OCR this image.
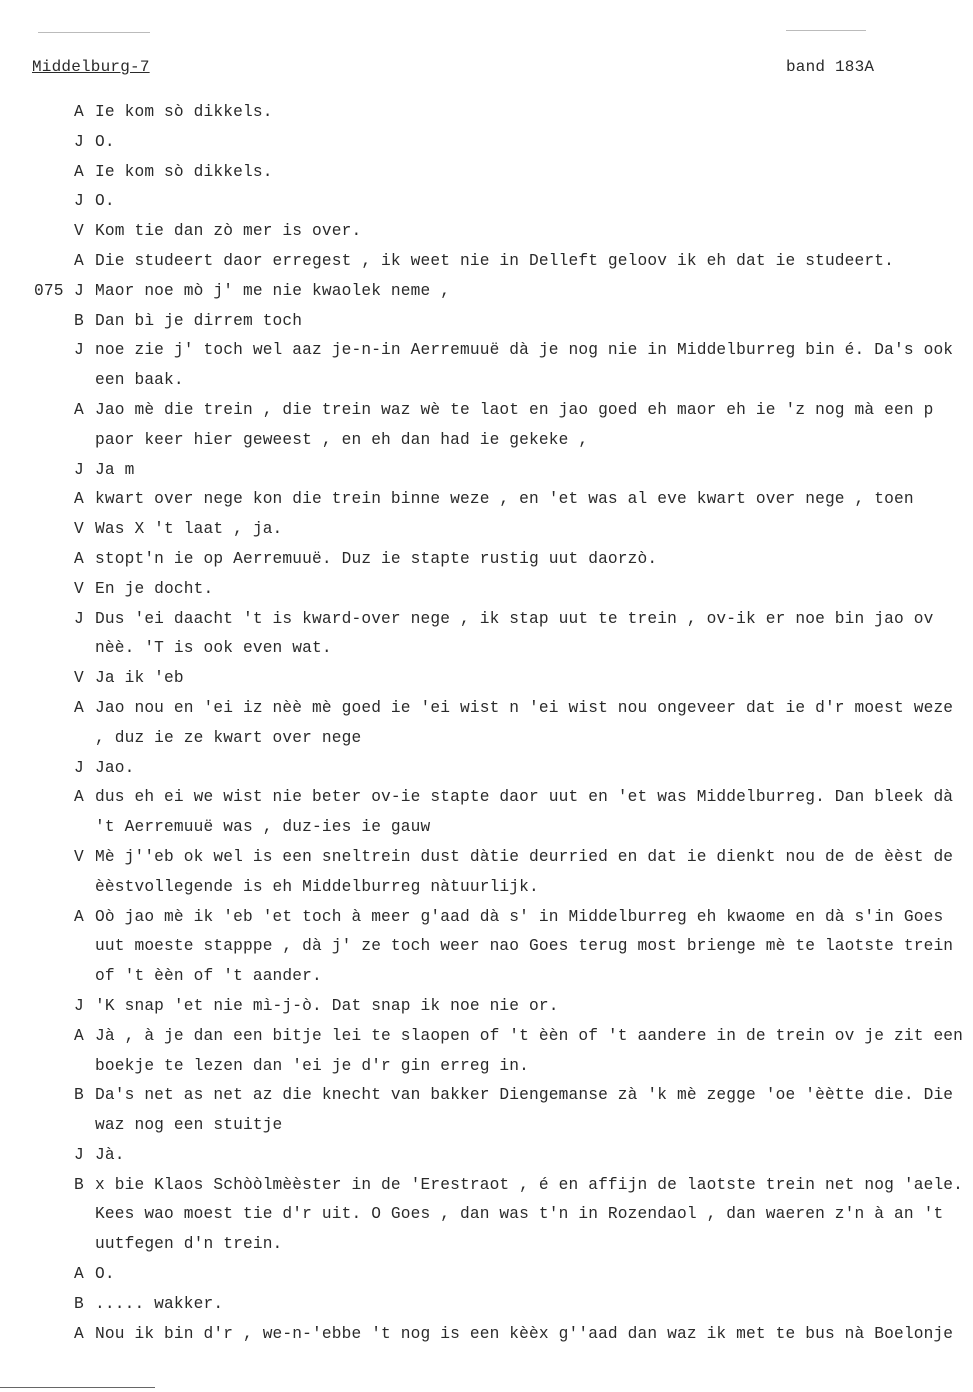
Middelburg-7	band 183A
A Ie kom sò dikkels.
J O.
A Ie kom sò dikkels.
J O.
V Kom tie dan zò mer is over.
A Die studeert daor erregest , ik weet nie in Delleft geloov ik eh dat ie studeert.
075 J Maor noe mò j' me nie kwaolek neme ,
B Dan bì je dirrem toch
J noe zie j' toch wel aaz je-n-in Aerremuuë dà je nog nie in Middelburreg bin é. Da's ook een baak.
A Jao mè die trein , die trein waz wè te laot en jao goed eh maor eh ie 'z nog mà een p paor keer hier geweest , en eh dan had ie gekeke ,
J Ja m
A kwart over nege kon die trein binne weze , en 'et was al eve kwart over nege , toen
V Was X 't laat , ja.
A stopt'n ie op Aerremuuë. Duz ie stapte rustig uut daorzò.
V En je docht.
J Dus 'ei daacht 't is kward-over nege , ik stap uut te trein , ov-ik er noe bin jao ov nèè. 'T is ook even wat.
V Ja ik 'eb
A Jao nou en 'ei iz nèè mè goed ie 'ei wist n 'ei wist nou ongeveer dat ie d'r moest weze , duz ie ze kwart over nege
J Jao.
A dus eh ei we wist nie beter ov-ie stapte daor uut en 'et was Middelburreg. Dan bleek dà 't Aerremuuë was , duz-ies ie gauw
V Mè j''eb ok wel is een sneltrein dust dàtie deurried en dat ie dienkt nou de de èèst de èèstvollegende is eh Middelburreg nàtuurlijk.
A Oò jao mè ik 'eb 'et toch à meer g'aad dà s' in Middelburreg eh kwaome en dà s'in Goes uut moeste stapppe , dà j' ze toch weer nao Goes terug most brienge mè te laotste trein of 't èèn of 't aander.
J 'K snap 'et nie mì-j-ò. Dat snap ik noe nie or.
A Jà , à je dan een bitje lei te slaopen of 't èèn of 't aandere in de trein ov je zit een boekje te lezen dan 'ei je d'r gin erreg in.
B Da's net as net az die knecht van bakker Diengemanse zà 'k mè zegge 'oe 'èètte die. Die waz nog een stuitje
J Jà.
B x bie Klaos Schòòlmèèster in de 'Erestraot , é en affijn de laotste trein net nog 'aele. Kees wao moest tie d'r uit. O Goes , dan was t'n in Rozendaol , dan waeren z'n à an 't uutfegen d'n trein.
A O.
B ..... wakker.
A Nou ik bin d'r , we-n-'ebbe 't nog is een kèèx g''aad dan waz ik met te bus nà Boelonje
